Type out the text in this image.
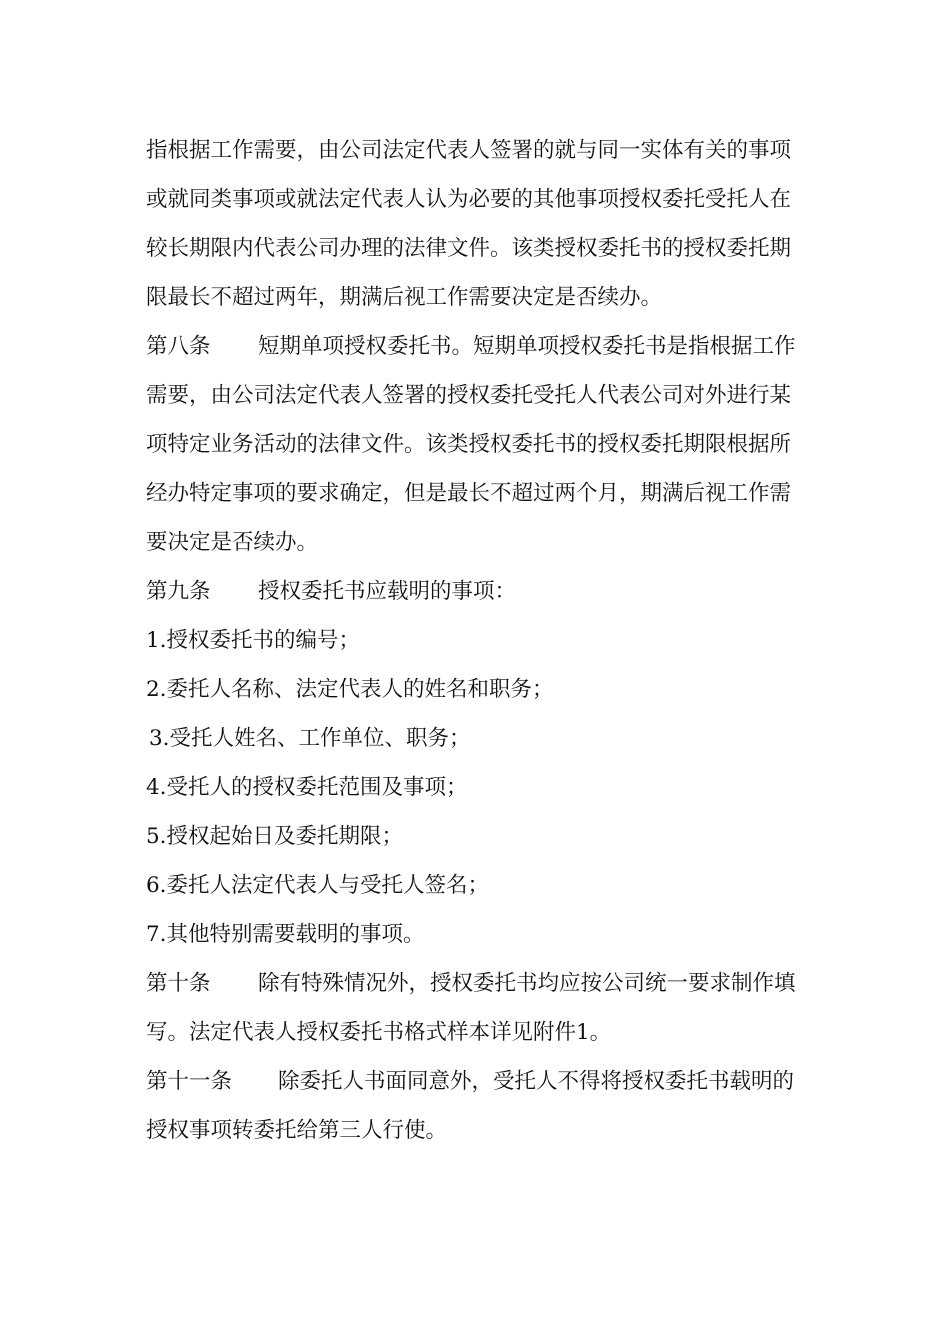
指根据工作需要，由公司法定代表人签署的就与同一实体有关的事项或就同类事项或就法定代表人认为必要的其他事项授权委托受托人在较长期限内代表公司办理的法律文件。该类授权委托书的授权委托期限最长不超过两年，期满后视工作需要决定是否续办。

第八条 短期单项授权委托书。短期单项授权委托书是指根据工作需要，由公司法定代表人签署的授权委托受托人代表公司对外进行某项特定业务活动的法律文件。该类授权委托书的授权委托期限根据所经办特定事项的要求确定，但是最长不超过两个月，期满后视工作需要决定是否续办。

第九条 授权委托书应载明的事项：

1.授权委托书的编号；

2.委托人名称、法定代表人的姓名和职务；

3.受托人姓名、工作单位、职务；

4.受托人的授权委托范围及事项；

5.授权起始日及委托期限；

6.委托人法定代表人与受托人签名；

7.其他特别需要载明的事项。

第十条 除有特殊情况外，授权委托书均应按公司统一要求制作填写。法定代表人授权委托书格式样本详见附件1。

第十一条 除委托人书面同意外，受托人不得将授权委托书载明的授权事项转委托给第三人行使。
